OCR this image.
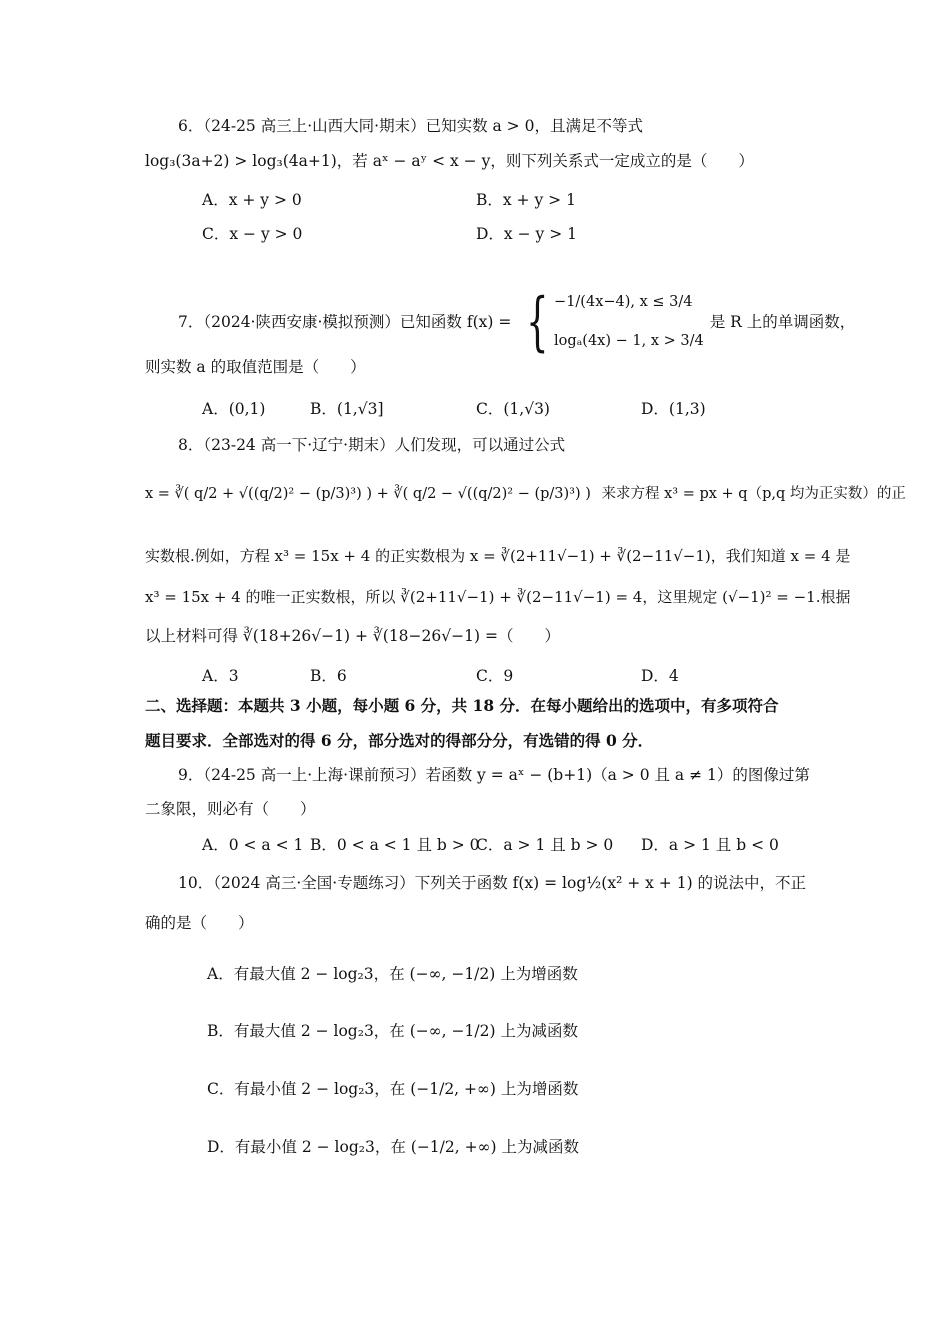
6．（24-25 高三上·山西大同·期末）已知实数 a > 0，且满足不等式
log₃(3a+2) > log₃(4a+1)，若 aˣ − aʸ < x − y，则下列关系式一定成立的是（　　）
A．x + y > 0	B．x + y > 1
C．x − y > 0	D．x − y > 1
7．（2024·陕西安康·模拟预测）已知函数 f(x) = { −1/(4x−4), x ≤ 3/4
logₐ(4x) − 1, x > 3/4
是 R 上的单调函数，
则实数 a 的取值范围是（　　）
A．(0,1)	B．(1,√3]	C．(1,√3)	D．(1,3)
8．（23-24 高一下·辽宁·期末）人们发现，可以通过公式
x = ∛( q/2 + √((q/2)² − (p/3)³) ) + ∛( q/2 − √((q/2)² − (p/3)³) ) 来求方程 x³ = px + q（p,q 均为正实数）的正
实数根.例如，方程 x³ = 15x + 4 的正实数根为 x = ∛(2+11√−1) + ∛(2−11√−1)，我们知道 x = 4 是
x³ = 15x + 4 的唯一正实数根，所以 ∛(2+11√−1) + ∛(2−11√−1) = 4，这里规定 (√−1)² = −1.根据
以上材料可得 ∛(18+26√−1) + ∛(18−26√−1) =（　　）
A．3	B．6	C．9	D．4
二、选择题：本题共 3 小题，每小题 6 分，共 18 分．在每小题给出的选项中，有多项符合
题目要求．全部选对的得 6 分，部分选对的得部分分，有选错的得 0 分．
9．（24-25 高一上·上海·课前预习）若函数 y = aˣ − (b+1)（a > 0 且 a ≠ 1）的图像过第
二象限，则必有（　　）
A．0 < a < 1 B．0 < a < 1 且 b > 0
C．a > 1 且 b > 0 D．a > 1 且 b < 0
10．（2024 高三·全国·专题练习）下列关于函数 f(x) = log½(x² + x + 1) 的说法中，不正
确的是（　　）
A．有最大值 2 − log₂3，在 (−∞, −1/2) 上为增函数
B．有最大值 2 − log₂3，在 (−∞, −1/2) 上为减函数
C．有最小值 2 − log₂3，在 (−1/2, +∞) 上为增函数
D．有最小值 2 − log₂3，在 (−1/2, +∞) 上为减函数
